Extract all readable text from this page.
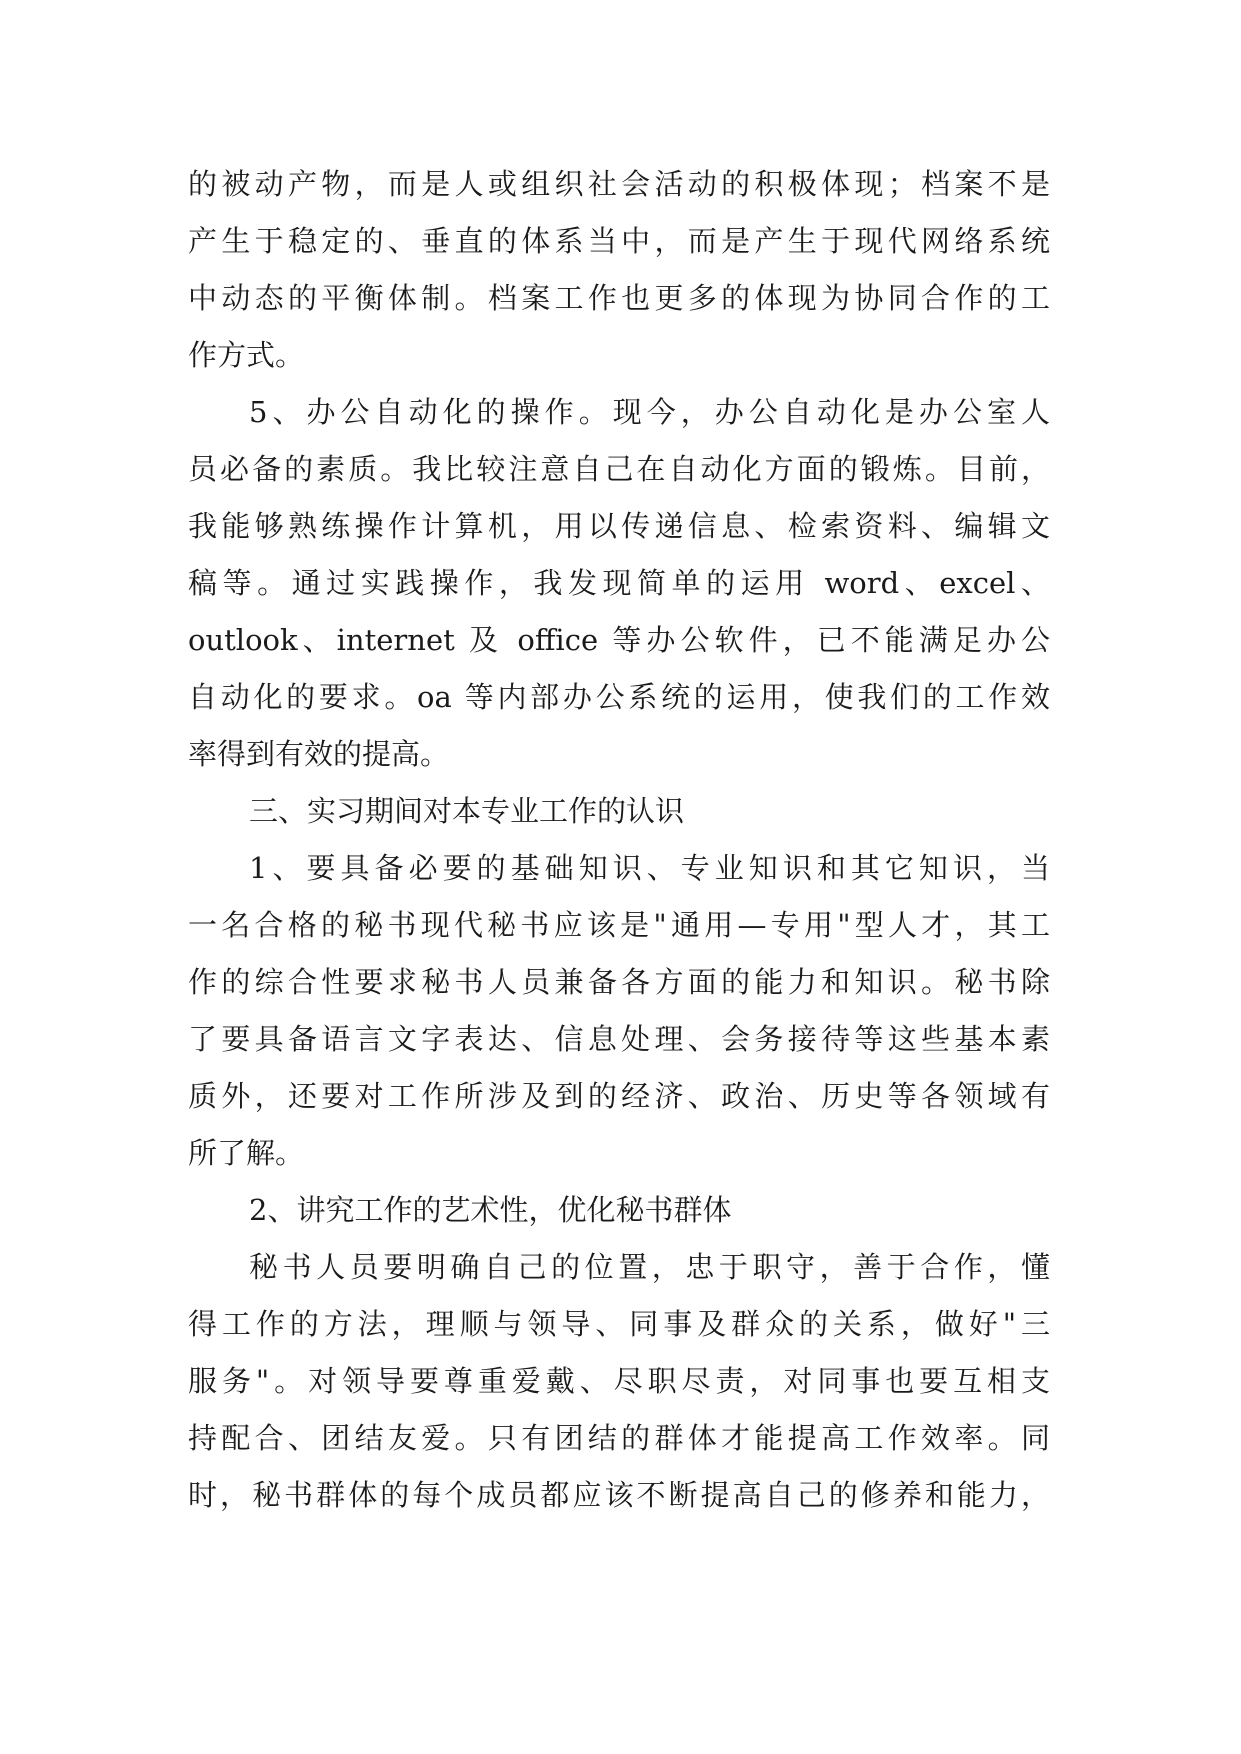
的被动产物，而是人或组织社会活动的积极体现；档案不是
产生于稳定的、垂直的体系当中，而是产生于现代网络系统
中动态的平衡体制。档案工作也更多的体现为协同合作的工
作方式。
5、办公自动化的操作。现今，办公自动化是办公室人
员必备的素质。我比较注意自己在自动化方面的锻炼。目前，
我能够熟练操作计算机，用以传递信息、检索资料、编辑文
稿等。通过实践操作，我发现简单的运用 word、excel、
outlook、internet 及 office 等办公软件，已不能满足办公
自动化的要求。oa 等内部办公系统的运用，使我们的工作效
率得到有效的提高。
三、实习期间对本专业工作的认识
1、要具备必要的基础知识、专业知识和其它知识，当
一名合格的秘书现代秘书应该是"通用—专用"型人才，其工
作的综合性要求秘书人员兼备各方面的能力和知识。秘书除
了要具备语言文字表达、信息处理、会务接待等这些基本素
质外，还要对工作所涉及到的经济、政治、历史等各领域有
所了解。
2、讲究工作的艺术性，优化秘书群体
秘书人员要明确自己的位置，忠于职守，善于合作，懂
得工作的方法，理顺与领导、同事及群众的关系，做好"三
服务"。对领导要尊重爱戴、尽职尽责，对同事也要互相支
持配合、团结友爱。只有团结的群体才能提高工作效率。同
时，秘书群体的每个成员都应该不断提高自己的修养和能力，
